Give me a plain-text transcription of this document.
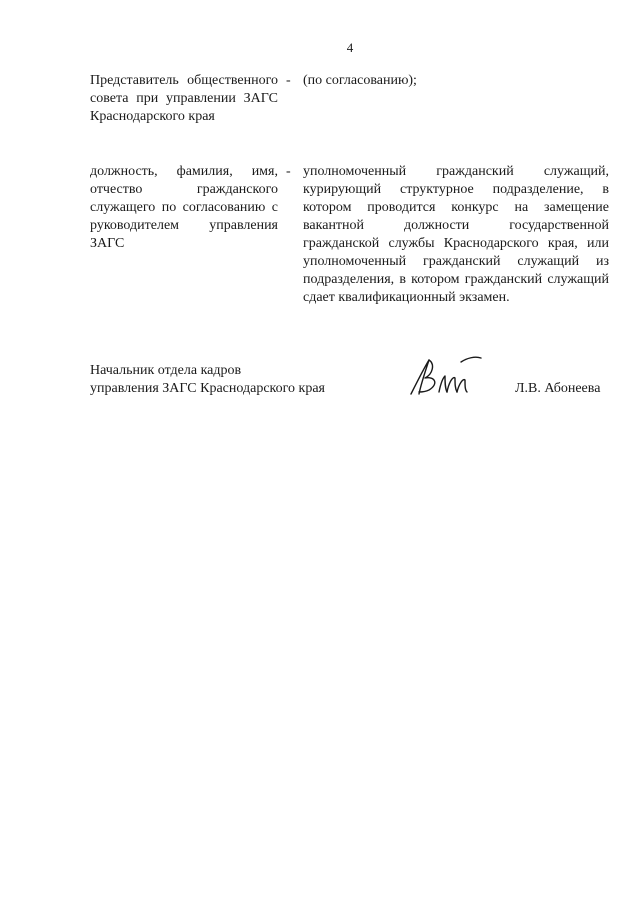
4
Представитель общественного совета при управлении ЗАГС Краснодарского края
- (по согласованию);
должность, фамилия, имя, отчество гражданского служащего по согласованию с руководителем управления ЗАГС
- уполномоченный гражданский служащий, курирующий структурное подразделение, в котором проводится конкурс на замещение вакантной должности государственной гражданской службы Краснодарского края, или уполномоченный гражданский служащий из подразделения, в котором гражданский служащий сдает квалификационный экзамен.
Начальник отдела кадров
управления ЗАГС Краснодарского края	Л.В. Абонеева
